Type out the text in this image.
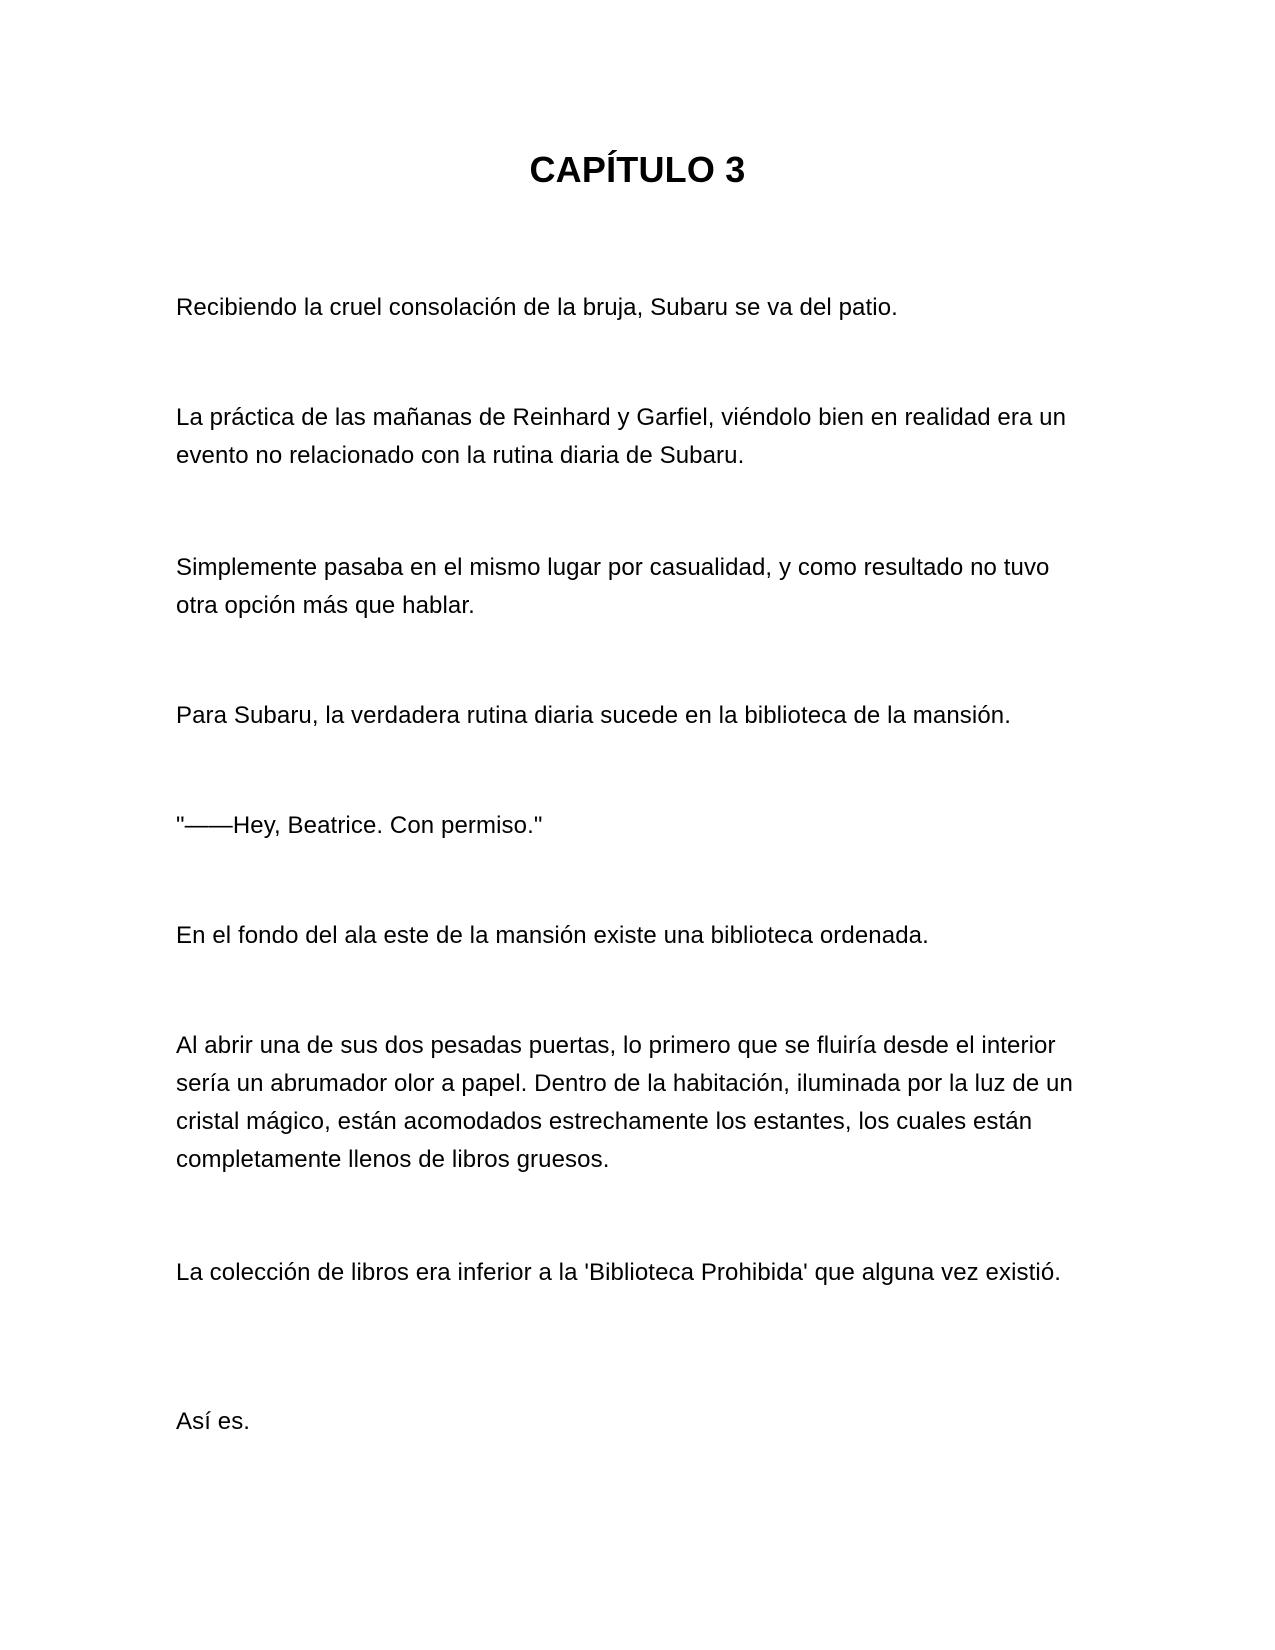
CAPÍTULO 3

Recibiendo la cruel consolación de la bruja, Subaru se va del patio.

La práctica de las mañanas de Reinhard y Garfiel, viéndolo bien en realidad era un evento no relacionado con la rutina diaria de Subaru.

Simplemente pasaba en el mismo lugar por casualidad, y como resultado no tuvo otra opción más que hablar.

Para Subaru, la verdadera rutina diaria sucede en la biblioteca de la mansión.

"——Hey, Beatrice. Con permiso."

En el fondo del ala este de la mansión existe una biblioteca ordenada.

Al abrir una de sus dos pesadas puertas, lo primero que se fluiría desde el interior sería un abrumador olor a papel. Dentro de la habitación, iluminada por la luz de un cristal mágico, están acomodados estrechamente los estantes, los cuales están completamente llenos de libros gruesos.

La colección de libros era inferior a la 'Biblioteca Prohibida' que alguna vez existió.

Así es.
